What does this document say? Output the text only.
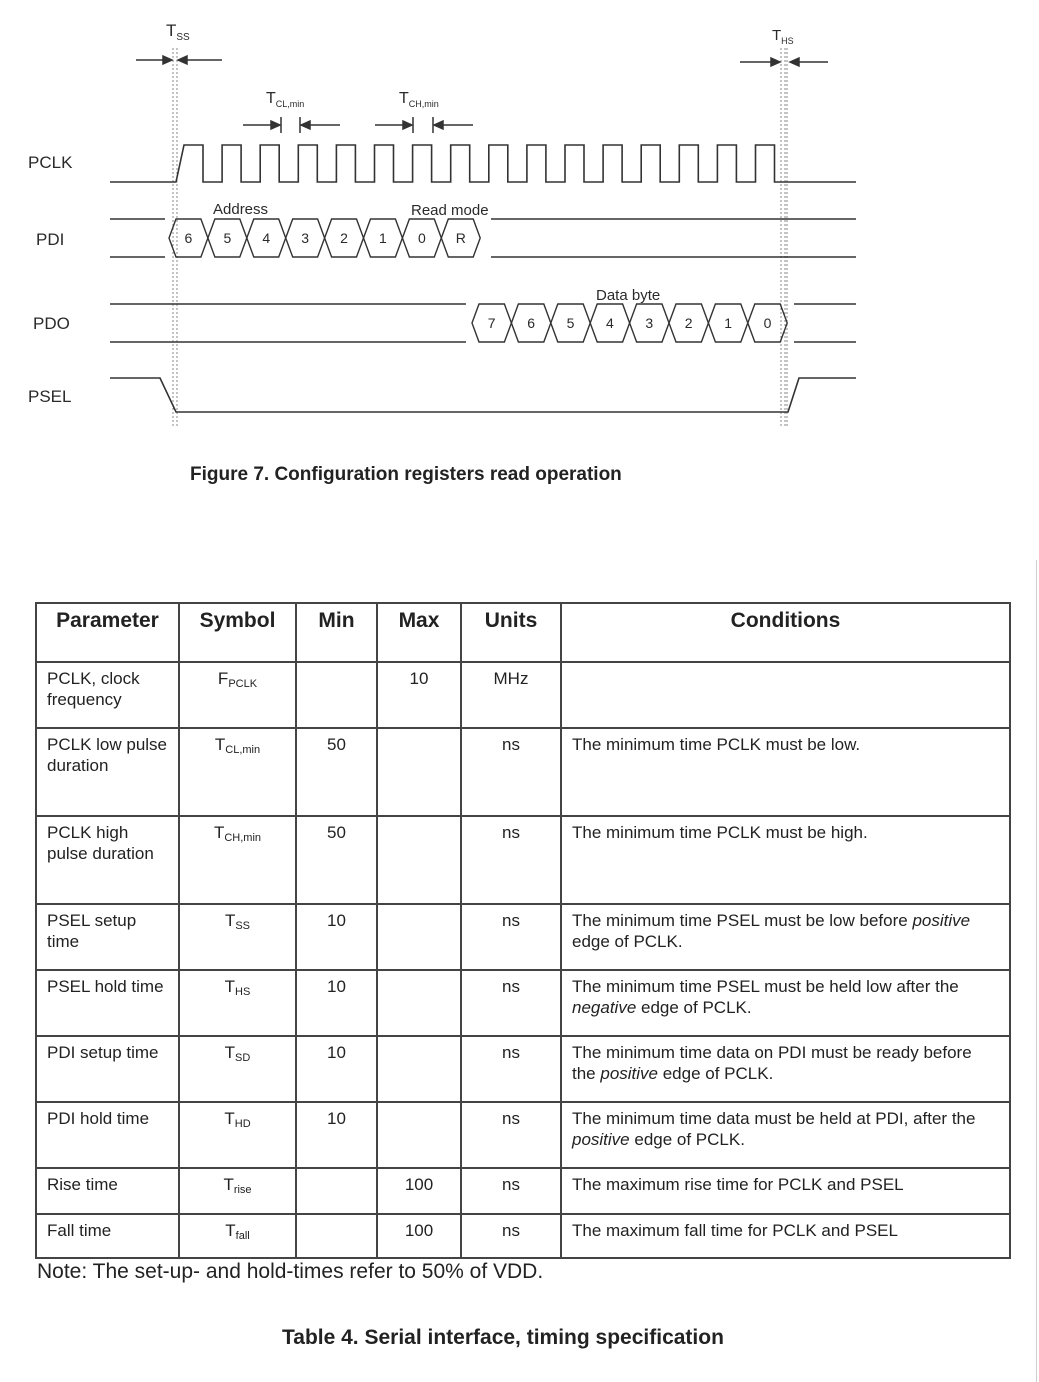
$T_{SS}$	$T_{HS}$
$T_{CL,min}$	$T_{CH,min}$
PCLK
PDI
PDO
PSEL
6 5 4 3 2 1 0 R
Address	Read mode
7 6 5 4 3 2 1 0
Data byte
Figure 7. Configuration registers read operation
Parameter	Symbol	Min	Max	Units	Conditions
PCLK, clock frequency	$F_{PCLK}$		10	MHz	
PCLK low pulse duration	$T_{CL,min}$	50		ns	The minimum time PCLK must be low.
PCLK high pulse duration	$T_{CH,min}$	50		ns	The minimum time PCLK must be high.
PSEL setup time	$T_{SS}$	10		ns	The minimum time PSEL must be low before positive edge of PCLK.
PSEL hold time	$T_{HS}$	10		ns	The minimum time PSEL must be held low after the negative edge of PCLK.
PDI setup time	$T_{SD}$	10		ns	The minimum time data on PDI must be ready before the positive edge of PCLK.
PDI hold time	$T_{HD}$	10		ns	The minimum time data must be held at PDI, after the positive edge of PCLK.
Rise time	$T_{rise}$		100	ns	The maximum rise time for PCLK and PSEL
Fall time	$T_{fall}$		100	ns	The maximum fall time for PCLK and PSEL
Note: The set-up- and hold-times refer to 50% of VDD.
Table 4. Serial interface, timing specification
